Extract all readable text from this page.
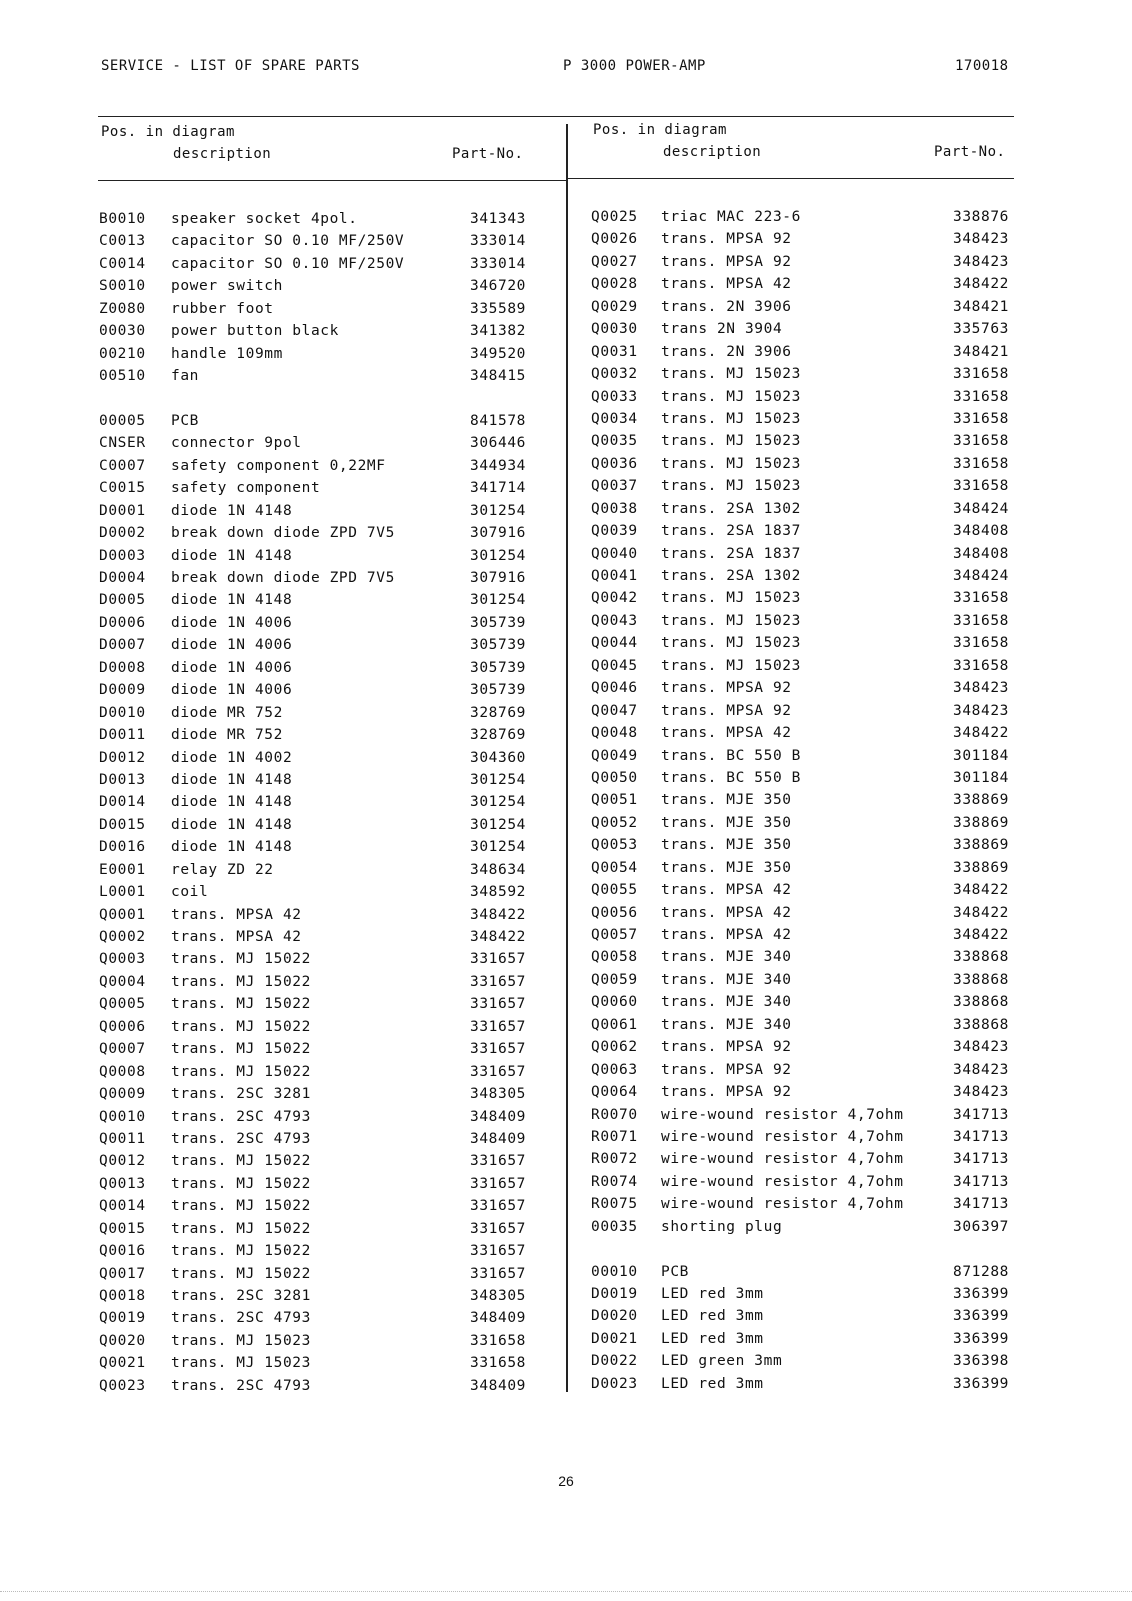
SERVICE - LIST OF SPARE PARTS	P 3000 POWER-AMP	170018
Pos. in diagram
description	Part-No.
Pos. in diagram
description	Part-No.
B0010 speaker socket 4pol.	341343
C0013 capacitor SO 0.10 MF/250V	333014
C0014 capacitor SO 0.10 MF/250V	333014
S0010 power switch	346720
Z0080 rubber foot	335589
00030 power button black	341382
00210 handle 109mm	349520
00510 fan	348415
00005 PCB	841578
CNSER connector 9pol	306446
C0007 safety component 0,22MF	344934
C0015 safety component	341714
D0001 diode 1N 4148	301254
D0002 break down diode ZPD 7V5	307916
D0003 diode 1N 4148	301254
D0004 break down diode ZPD 7V5	307916
D0005 diode 1N 4148	301254
D0006 diode 1N 4006	305739
D0007 diode 1N 4006	305739
D0008 diode 1N 4006	305739
D0009 diode 1N 4006	305739
D0010 diode MR 752	328769
D0011 diode MR 752	328769
D0012 diode 1N 4002	304360
D0013 diode 1N 4148	301254
D0014 diode 1N 4148	301254
D0015 diode 1N 4148	301254
D0016 diode 1N 4148	301254
E0001 relay ZD 22	348634
L0001 coil	348592
Q0001 trans. MPSA 42	348422
Q0002 trans. MPSA 42	348422
Q0003 trans. MJ 15022	331657
Q0004 trans. MJ 15022	331657
Q0005 trans. MJ 15022	331657
Q0006 trans. MJ 15022	331657
Q0007 trans. MJ 15022	331657
Q0008 trans. MJ 15022	331657
Q0009 trans. 2SC 3281	348305
Q0010 trans. 2SC 4793	348409
Q0011 trans. 2SC 4793	348409
Q0012 trans. MJ 15022	331657
Q0013 trans. MJ 15022	331657
Q0014 trans. MJ 15022	331657
Q0015 trans. MJ 15022	331657
Q0016 trans. MJ 15022	331657
Q0017 trans. MJ 15022	331657
Q0018 trans. 2SC 3281	348305
Q0019 trans. 2SC 4793	348409
Q0020 trans. MJ 15023	331658
Q0021 trans. MJ 15023	331658
Q0023 trans. 2SC 4793	348409
Q0025 triac MAC 223-6	338876
Q0026 trans. MPSA 92	348423
Q0027 trans. MPSA 92	348423
Q0028 trans. MPSA 42	348422
Q0029 trans. 2N 3906	348421
Q0030 trans 2N 3904	335763
Q0031 trans. 2N 3906	348421
Q0032 trans. MJ 15023	331658
Q0033 trans. MJ 15023	331658
Q0034 trans. MJ 15023	331658
Q0035 trans. MJ 15023	331658
Q0036 trans. MJ 15023	331658
Q0037 trans. MJ 15023	331658
Q0038 trans. 2SA 1302	348424
Q0039 trans. 2SA 1837	348408
Q0040 trans. 2SA 1837	348408
Q0041 trans. 2SA 1302	348424
Q0042 trans. MJ 15023	331658
Q0043 trans. MJ 15023	331658
Q0044 trans. MJ 15023	331658
Q0045 trans. MJ 15023	331658
Q0046 trans. MPSA 92	348423
Q0047 trans. MPSA 92	348423
Q0048 trans. MPSA 42	348422
Q0049 trans. BC 550 B	301184
Q0050 trans. BC 550 B	301184
Q0051 trans. MJE 350	338869
Q0052 trans. MJE 350	338869
Q0053 trans. MJE 350	338869
Q0054 trans. MJE 350	338869
Q0055 trans. MPSA 42	348422
Q0056 trans. MPSA 42	348422
Q0057 trans. MPSA 42	348422
Q0058 trans. MJE 340	338868
Q0059 trans. MJE 340	338868
Q0060 trans. MJE 340	338868
Q0061 trans. MJE 340	338868
Q0062 trans. MPSA 92	348423
Q0063 trans. MPSA 92	348423
Q0064 trans. MPSA 92	348423
R0070 wire-wound resistor 4,7ohm	341713
R0071 wire-wound resistor 4,7ohm	341713
R0072 wire-wound resistor 4,7ohm	341713
R0074 wire-wound resistor 4,7ohm	341713
R0075 wire-wound resistor 4,7ohm	341713
00035 shorting plug	306397
00010 PCB	871288
D0019 LED red 3mm	336399
D0020 LED red 3mm	336399
D0021 LED red 3mm	336399
D0022 LED green 3mm	336398
D0023 LED red 3mm	336399
26
